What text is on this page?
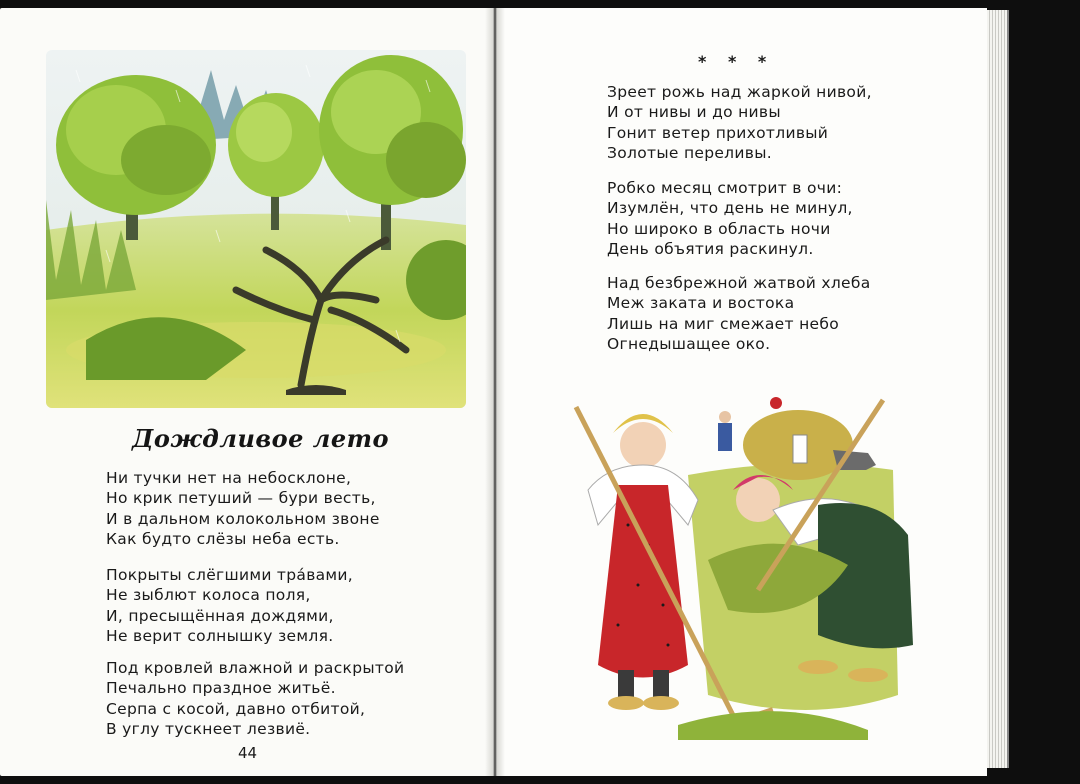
Дождливое лето
Ни тучки нет на небосклоне,
Но крик петуший — бури весть,
И в дальном колокольном звоне
Как будто слёзы неба есть.
Покрыты слёгшими тра́вами,
Не зыблют колоса поля,
И, пресыщённая дождями,
Не верит солнышку земля.
Под кровлей влажной и раскрытой
Печально праздное житьё.
Серпа с косой, давно отбитой,
В углу тускнеет лезвиё.
44
* * *
Зреет рожь над жаркой нивой,
И от нивы и до нивы
Гонит ветер прихотливый
Золотые переливы.
Робко месяц смотрит в очи:
Изумлён, что день не минул,
Но широко в область ночи
День объятия раскинул.
Над безбрежной жатвой хлеба
Меж заката и востока
Лишь на миг смежает небо
Огнедышащее око.
